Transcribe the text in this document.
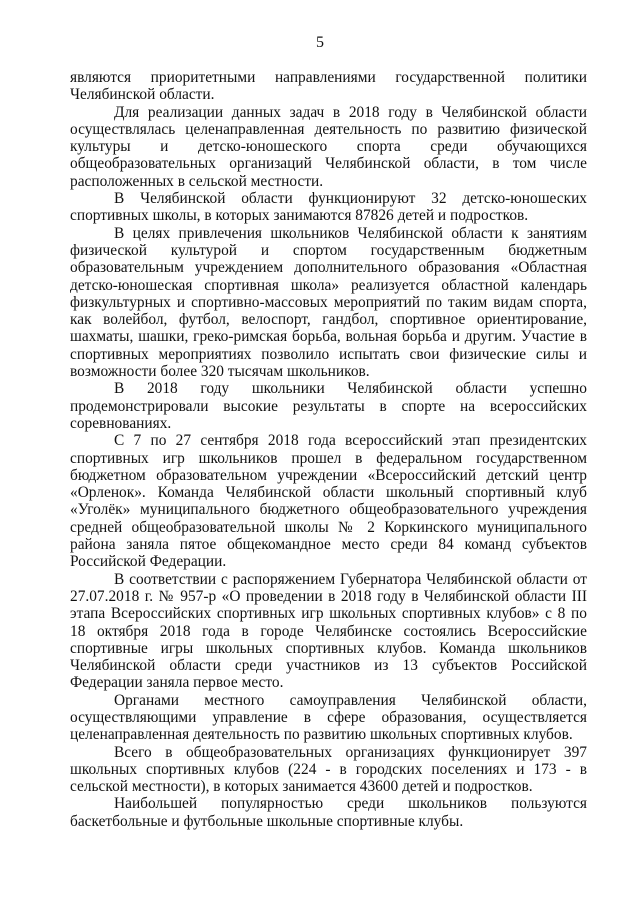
5

являются приоритетными направлениями государственной политики Челябинской области.

Для реализации данных задач в 2018 году в Челябинской области осуществлялась целенаправленная деятельность по развитию физической культуры и детско-юношеского спорта среди обучающихся общеобразовательных организаций Челябинской области, в том числе расположенных в сельской местности.

В Челябинской области функционируют 32 детско-юношеских спортивных школы, в которых занимаются 87826 детей и подростков.

В целях привлечения школьников Челябинской области к занятиям физической культурой и спортом государственным бюджетным образовательным учреждением дополнительного образования «Областная детско-юношеская спортивная школа» реализуется областной календарь физкультурных и спортивно-массовых мероприятий по таким видам спорта, как волейбол, футбол, велоспорт, гандбол, спортивное ориентирование, шахматы, шашки, греко-римская борьба, вольная борьба и другим. Участие в спортивных мероприятиях позволило испытать свои физические силы и возможности более 320 тысячам школьников.

В 2018 году школьники Челябинской области успешно продемонстрировали высокие результаты в спорте на всероссийских соревнованиях.

С 7 по 27 сентября 2018 года всероссийский этап президентских спортивных игр школьников прошел в федеральном государственном бюджетном образовательном учреждении «Всероссийский детский центр «Орленок». Команда Челябинской области школьный спортивный клуб «Уголёк» муниципального бюджетного общеобразовательного учреждения средней общеобразовательной школы № 2 Коркинского муниципального района заняла пятое общекомандное место среди 84 команд субъектов Российской Федерации.

В соответствии с распоряжением Губернатора Челябинской области от 27.07.2018 г. № 957-р «О проведении в 2018 году в Челябинской области III этапа Всероссийских спортивных игр школьных спортивных клубов» с 8 по 18 октября 2018 года в городе Челябинске состоялись Всероссийские спортивные игры школьных спортивных клубов. Команда школьников Челябинской области среди участников из 13 субъектов Российской Федерации заняла первое место.

Органами местного самоуправления Челябинской области, осуществляющими управление в сфере образования, осуществляется целенаправленная деятельность по развитию школьных спортивных клубов.

Всего в общеобразовательных организациях функционирует 397 школьных спортивных клубов (224 - в городских поселениях и 173 - в сельской местности), в которых занимается 43600 детей и подростков.

Наибольшей популярностью среди школьников пользуются баскетбольные и футбольные школьные спортивные клубы.
